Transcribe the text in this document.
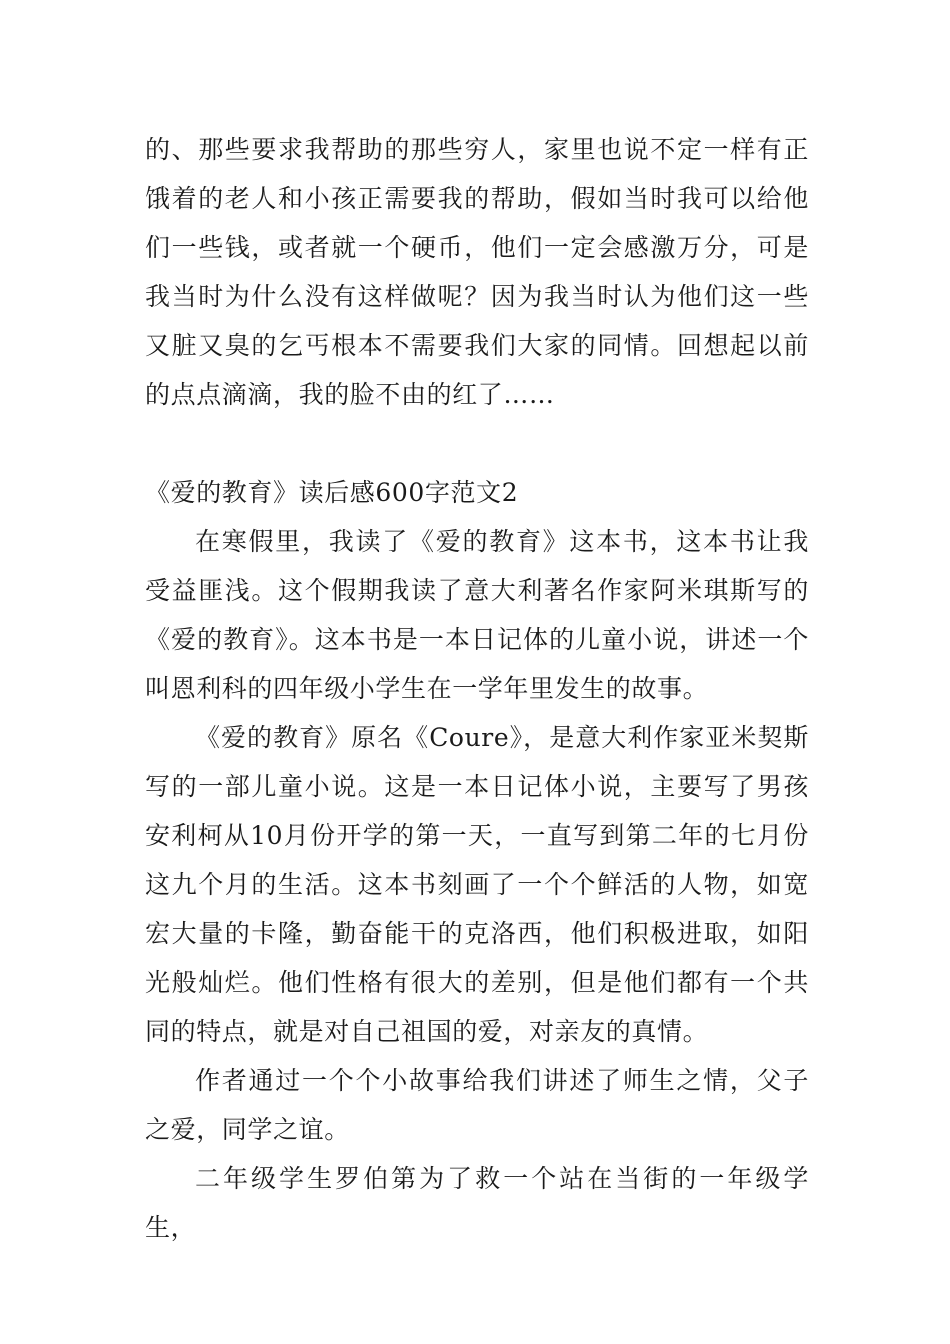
的、那些要求我帮助的那些穷人，家里也说不定一样有正饿着的老人和小孩正需要我的帮助，假如当时我可以给他们一些钱，或者就一个硬币，他们一定会感激万分，可是我当时为什么没有这样做呢？因为我当时认为他们这一些又脏又臭的乞丐根本不需要我们大家的同情。回想起以前的点点滴滴，我的脸不由的红了……

《爱的教育》读后感600字范文2

在寒假里，我读了《爱的教育》这本书，这本书让我受益匪浅。这个假期我读了意大利著名作家阿米琪斯写的《爱的教育》。这本书是一本日记体的儿童小说，讲述一个叫恩利科的四年级小学生在一学年里发生的故事。

《爱的教育》原名《Coure》，是意大利作家亚米契斯写的一部儿童小说。这是一本日记体小说，主要写了男孩安利柯从10月份开学的第一天，一直写到第二年的七月份这九个月的生活。这本书刻画了一个个鲜活的人物，如宽宏大量的卡隆，勤奋能干的克洛西，他们积极进取，如阳光般灿烂。他们性格有很大的差别，但是他们都有一个共同的特点，就是对自己祖国的爱，对亲友的真情。

作者通过一个个小故事给我们讲述了师生之情，父子之爱，同学之谊。

二年级学生罗伯第为了救一个站在当街的一年级学生，
